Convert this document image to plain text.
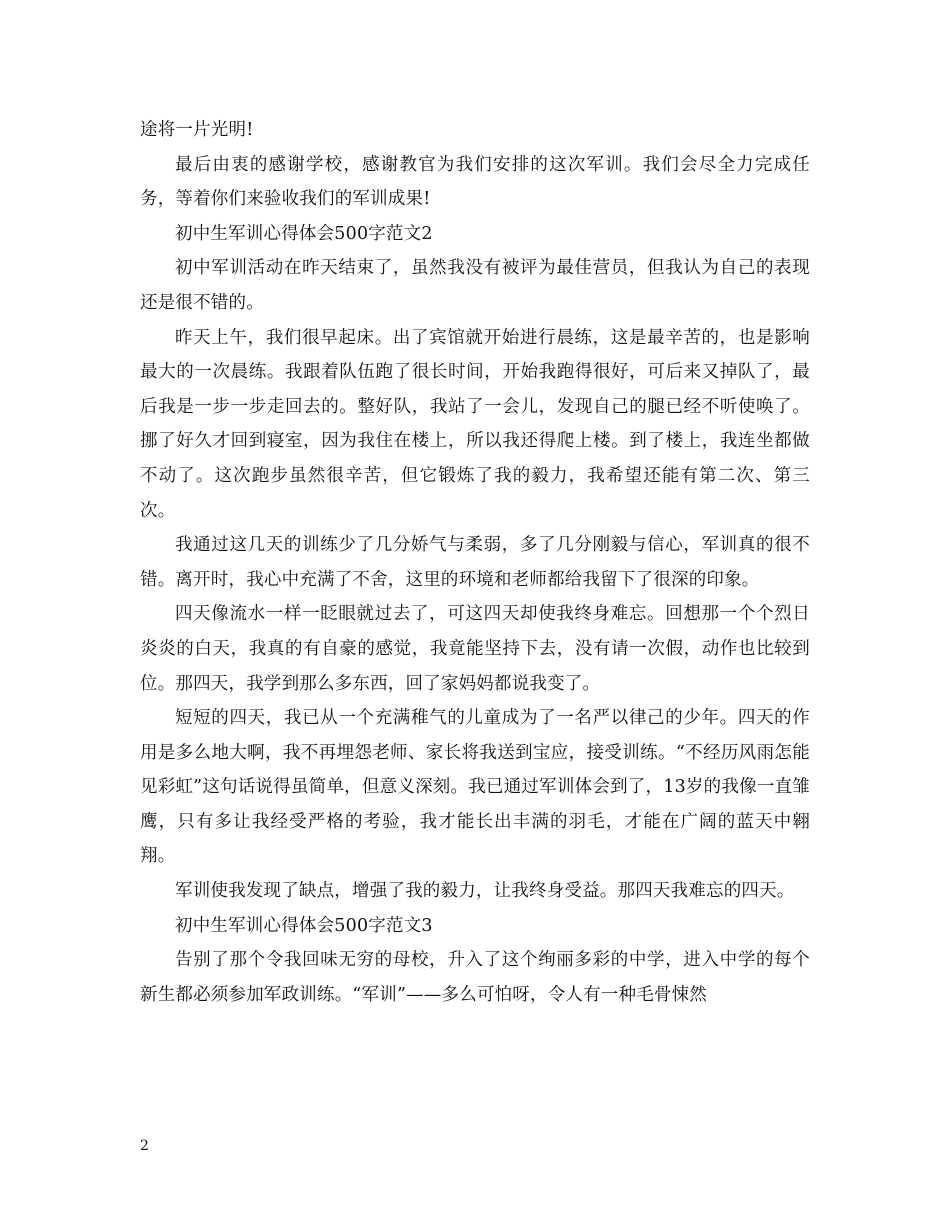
途将一片光明!

最后由衷的感谢学校，感谢教官为我们安排的这次军训。我们会尽全力完成任务，等着你们来验收我们的军训成果!

初中生军训心得体会500字范文2

初中军训活动在昨天结束了，虽然我没有被评为最佳营员，但我认为自己的表现还是很不错的。

昨天上午，我们很早起床。出了宾馆就开始进行晨练，这是最辛苦的，也是影响最大的一次晨练。我跟着队伍跑了很长时间，开始我跑得很好，可后来又掉队了，最后我是一步一步走回去的。整好队，我站了一会儿，发现自己的腿已经不听使唤了。挪了好久才回到寝室，因为我住在楼上，所以我还得爬上楼。到了楼上，我连坐都做不动了。这次跑步虽然很辛苦，但它锻炼了我的毅力，我希望还能有第二次、第三次。

我通过这几天的训练少了几分娇气与柔弱，多了几分刚毅与信心，军训真的很不错。离开时，我心中充满了不舍，这里的环境和老师都给我留下了很深的印象。

四天像流水一样一眨眼就过去了，可这四天却使我终身难忘。回想那一个个烈日炎炎的白天，我真的有自豪的感觉，我竟能坚持下去，没有请一次假，动作也比较到位。那四天，我学到那么多东西，回了家妈妈都说我变了。

短短的四天，我已从一个充满稚气的儿童成为了一名严以律己的少年。四天的作用是多么地大啊，我不再埋怨老师、家长将我送到宝应，接受训练。“不经历风雨怎能见彩虹”这句话说得虽简单，但意义深刻。我已通过军训体会到了，13岁的我像一直雏鹰，只有多让我经受严格的考验，我才能长出丰满的羽毛，才能在广阔的蓝天中翱翔。

军训使我发现了缺点，增强了我的毅力，让我终身受益。那四天我难忘的四天。

初中生军训心得体会500字范文3

告别了那个令我回味无穷的母校，升入了这个绚丽多彩的中学，进入中学的每个新生都必须参加军政训练。“军训”——多么可怕呀，令人有一种毛骨悚然

2
